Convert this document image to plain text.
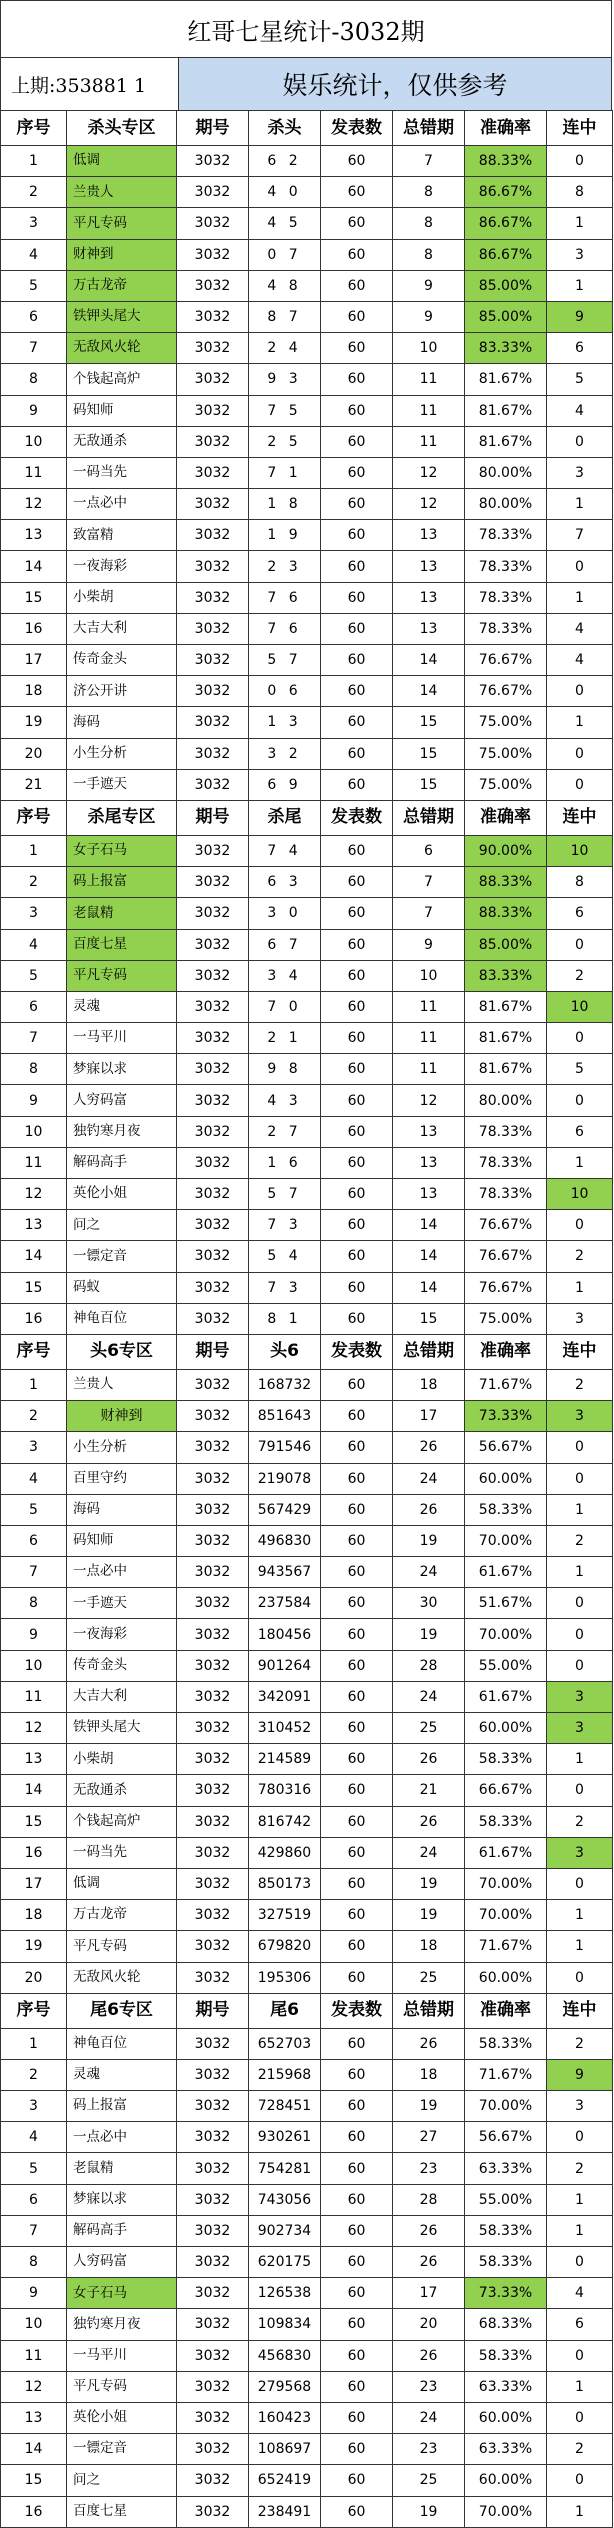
红哥七星统计-3032期
上期:353881 1	娱乐统计，仅供参考
序号	杀头专区	期号	杀头	发表数	总错期	准确率	连中
1	低调	3032	6 2	60	7	88.33%	0
2	兰贵人	3032	4 0	60	8	86.67%	8
3	平凡专码	3032	4 5	60	8	86.67%	1
4	财神到	3032	0 7	60	8	86.67%	3
5	万古龙帝	3032	4 8	60	9	85.00%	1
6	铁钾头尾大	3032	8 7	60	9	85.00%	9
7	无敌风火轮	3032	2 4	60	10	83.33%	6
8	个钱起高炉	3032	9 3	60	11	81.67%	5
9	码知师	3032	7 5	60	11	81.67%	4
10	无敌通杀	3032	2 5	60	11	81.67%	0
11	一码当先	3032	7 1	60	12	80.00%	3
12	一点必中	3032	1 8	60	12	80.00%	1
13	致富精	3032	1 9	60	13	78.33%	7
14	一夜海彩	3032	2 3	60	13	78.33%	0
15	小柴胡	3032	7 6	60	13	78.33%	1
16	大吉大利	3032	7 6	60	13	78.33%	4
17	传奇金头	3032	5 7	60	14	76.67%	4
18	济公开讲	3032	0 6	60	14	76.67%	0
19	海码	3032	1 3	60	15	75.00%	1
20	小生分析	3032	3 2	60	15	75.00%	0
21	一手遮天	3032	6 9	60	15	75.00%	0
序号	杀尾专区	期号	杀尾	发表数	总错期	准确率	连中
1	女子石马	3032	7 4	60	6	90.00%	10
2	码上报富	3032	6 3	60	7	88.33%	8
3	老鼠精	3032	3 0	60	7	88.33%	6
4	百度七星	3032	6 7	60	9	85.00%	0
5	平凡专码	3032	3 4	60	10	83.33%	2
6	灵魂	3032	7 0	60	11	81.67%	10
7	一马平川	3032	2 1	60	11	81.67%	0
8	梦寐以求	3032	9 8	60	11	81.67%	5
9	人穷码富	3032	4 3	60	12	80.00%	0
10	独钓寒月夜	3032	2 7	60	13	78.33%	6
11	解码高手	3032	1 6	60	13	78.33%	1
12	英伦小姐	3032	5 7	60	13	78.33%	10
13	问之	3032	7 3	60	14	76.67%	0
14	一镖定音	3032	5 4	60	14	76.67%	2
15	码蚁	3032	7 3	60	14	76.67%	1
16	神龟百位	3032	8 1	60	15	75.00%	3
序号	头6专区	期号	头6	发表数	总错期	准确率	连中
1	兰贵人	3032	168732	60	18	71.67%	2
2	财神到	3032	851643	60	17	73.33%	3
3	小生分析	3032	791546	60	26	56.67%	0
4	百里守约	3032	219078	60	24	60.00%	0
5	海码	3032	567429	60	26	58.33%	1
6	码知师	3032	496830	60	19	70.00%	2
7	一点必中	3032	943567	60	24	61.67%	1
8	一手遮天	3032	237584	60	30	51.67%	0
9	一夜海彩	3032	180456	60	19	70.00%	0
10	传奇金头	3032	901264	60	28	55.00%	0
11	大吉大利	3032	342091	60	24	61.67%	3
12	铁钾头尾大	3032	310452	60	25	60.00%	3
13	小柴胡	3032	214589	60	26	58.33%	1
14	无敌通杀	3032	780316	60	21	66.67%	0
15	个钱起高炉	3032	816742	60	26	58.33%	2
16	一码当先	3032	429860	60	24	61.67%	3
17	低调	3032	850173	60	19	70.00%	0
18	万古龙帝	3032	327519	60	19	70.00%	1
19	平凡专码	3032	679820	60	18	71.67%	1
20	无敌风火轮	3032	195306	60	25	60.00%	0
序号	尾6专区	期号	尾6	发表数	总错期	准确率	连中
1	神龟百位	3032	652703	60	26	58.33%	2
2	灵魂	3032	215968	60	18	71.67%	9
3	码上报富	3032	728451	60	19	70.00%	3
4	一点必中	3032	930261	60	27	56.67%	0
5	老鼠精	3032	754281	60	23	63.33%	2
6	梦寐以求	3032	743056	60	28	55.00%	1
7	解码高手	3032	902734	60	26	58.33%	1
8	人穷码富	3032	620175	60	26	58.33%	0
9	女子石马	3032	126538	60	17	73.33%	4
10	独钓寒月夜	3032	109834	60	20	68.33%	6
11	一马平川	3032	456830	60	26	58.33%	0
12	平凡专码	3032	279568	60	23	63.33%	1
13	英伦小姐	3032	160423	60	24	60.00%	0
14	一镖定音	3032	108697	60	23	63.33%	2
15	问之	3032	652419	60	25	60.00%	0
16	百度七星	3032	238491	60	19	70.00%	1
